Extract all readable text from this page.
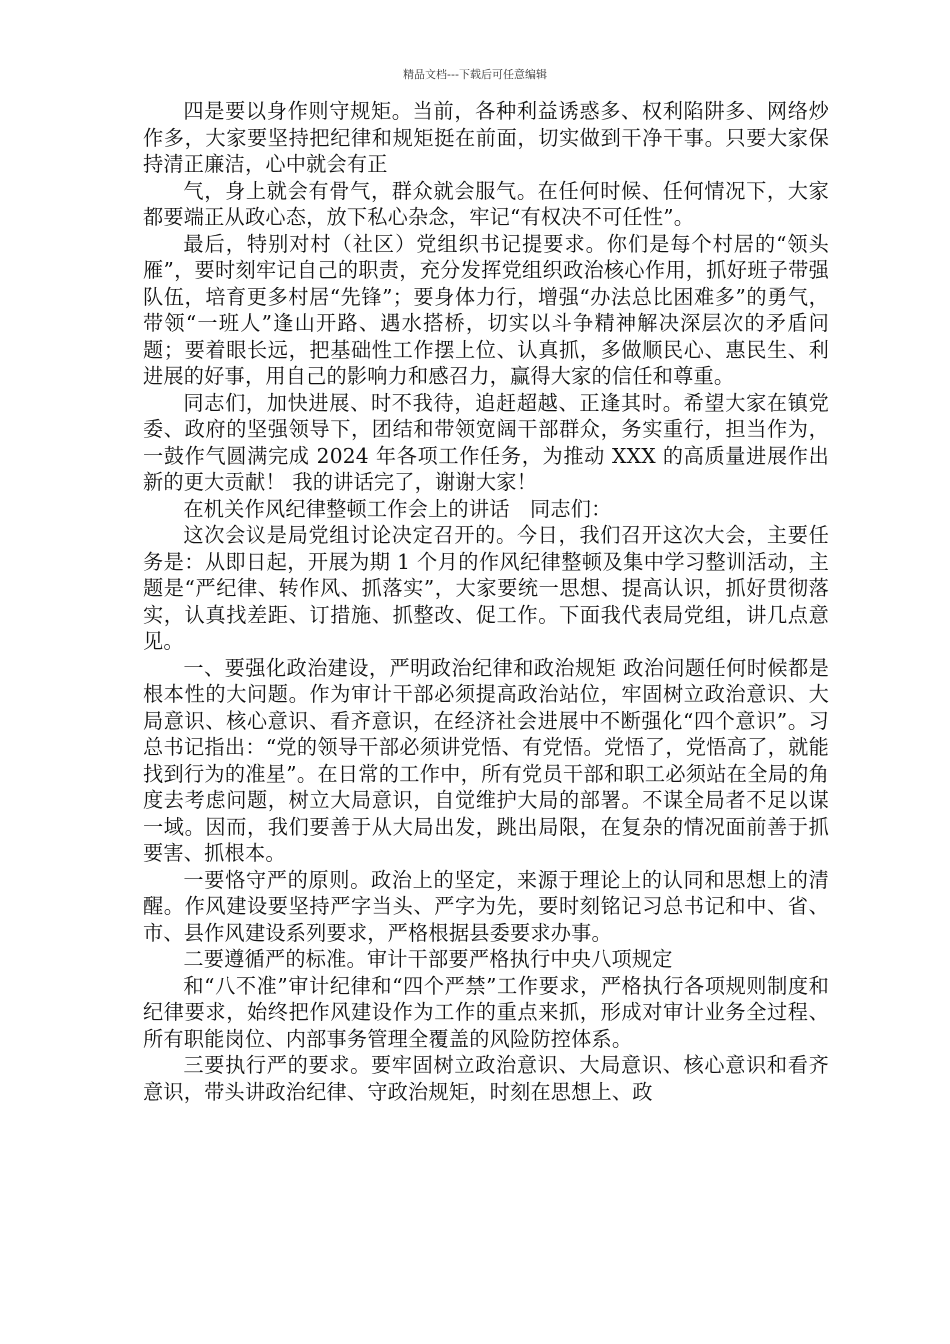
精品文档---下载后可任意编辑

四是要以身作则守规矩。当前，各种利益诱惑多、权利陷阱多、网络炒作多，大家要坚持把纪律和规矩挺在前面，切实做到干净干事。只要大家保持清正廉洁，心中就会有正

气，身上就会有骨气，群众就会服气。在任何时候、任何情况下，大家都要端正从政心态，放下私心杂念，牢记“有权决不可任性”。

最后，特别对村（社区）党组织书记提要求。你们是每个村居的“领头雁”，要时刻牢记自己的职责，充分发挥党组织政治核心作用，抓好班子带强队伍，培育更多村居“先锋”；要身体力行，增强“办法总比困难多”的勇气，带领“一班人”逢山开路、遇水搭桥，切实以斗争精神解决深层次的矛盾问题；要着眼长远，把基础性工作摆上位、认真抓，多做顺民心、惠民生、利进展的好事，用自己的影响力和感召力，赢得大家的信任和尊重。

同志们，加快进展、时不我待，追赶超越、正逢其时。希望大家在镇党委、政府的坚强领导下，团结和带领宽阔干部群众，务实重行，担当作为，一鼓作气圆满完成 2024 年各项工作任务，为推动 XXX 的高质量进展作出新的更大贡献！ 我的讲话完了，谢谢大家！

在机关作风纪律整顿工作会上的讲话　同志们：

这次会议是局党组讨论决定召开的。今日，我们召开这次大会，主要任务是：从即日起，开展为期 1 个月的作风纪律整顿及集中学习整训活动，主题是“严纪律、转作风、抓落实”，大家要统一思想、提高认识，抓好贯彻落实，认真找差距、订措施、抓整改、促工作。下面我代表局党组，讲几点意见。

一、要强化政治建设，严明政治纪律和政治规矩 政治问题任何时候都是根本性的大问题。作为审计干部必须提高政治站位，牢固树立政治意识、大局意识、核心意识、看齐意识，在经济社会进展中不断强化“四个意识”。习总书记指出：“党的领导干部必须讲党悟、有党悟。党悟了，党悟高了，就能找到行为的准星”。在日常的工作中，所有党员干部和职工必须站在全局的角度去考虑问题，树立大局意识，自觉维护大局的部署。不谋全局者不足以谋一域。因而，我们要善于从大局出发，跳出局限，在复杂的情况面前善于抓要害、抓根本。

一要恪守严的原则。政治上的坚定，来源于理论上的认同和思想上的清醒。作风建设要坚持严字当头、严字为先，要时刻铭记习总书记和中、省、市、县作风建设系列要求，严格根据县委要求办事。

二要遵循严的标准。审计干部要严格执行中央八项规定

和“八不准”审计纪律和“四个严禁”工作要求，严格执行各项规则制度和纪律要求，始终把作风建设作为工作的重点来抓，形成对审计业务全过程、所有职能岗位、内部事务管理全覆盖的风险防控体系。

三要执行严的要求。要牢固树立政治意识、大局意识、核心意识和看齐意识，带头讲政治纪律、守政治规矩，时刻在思想上、政
